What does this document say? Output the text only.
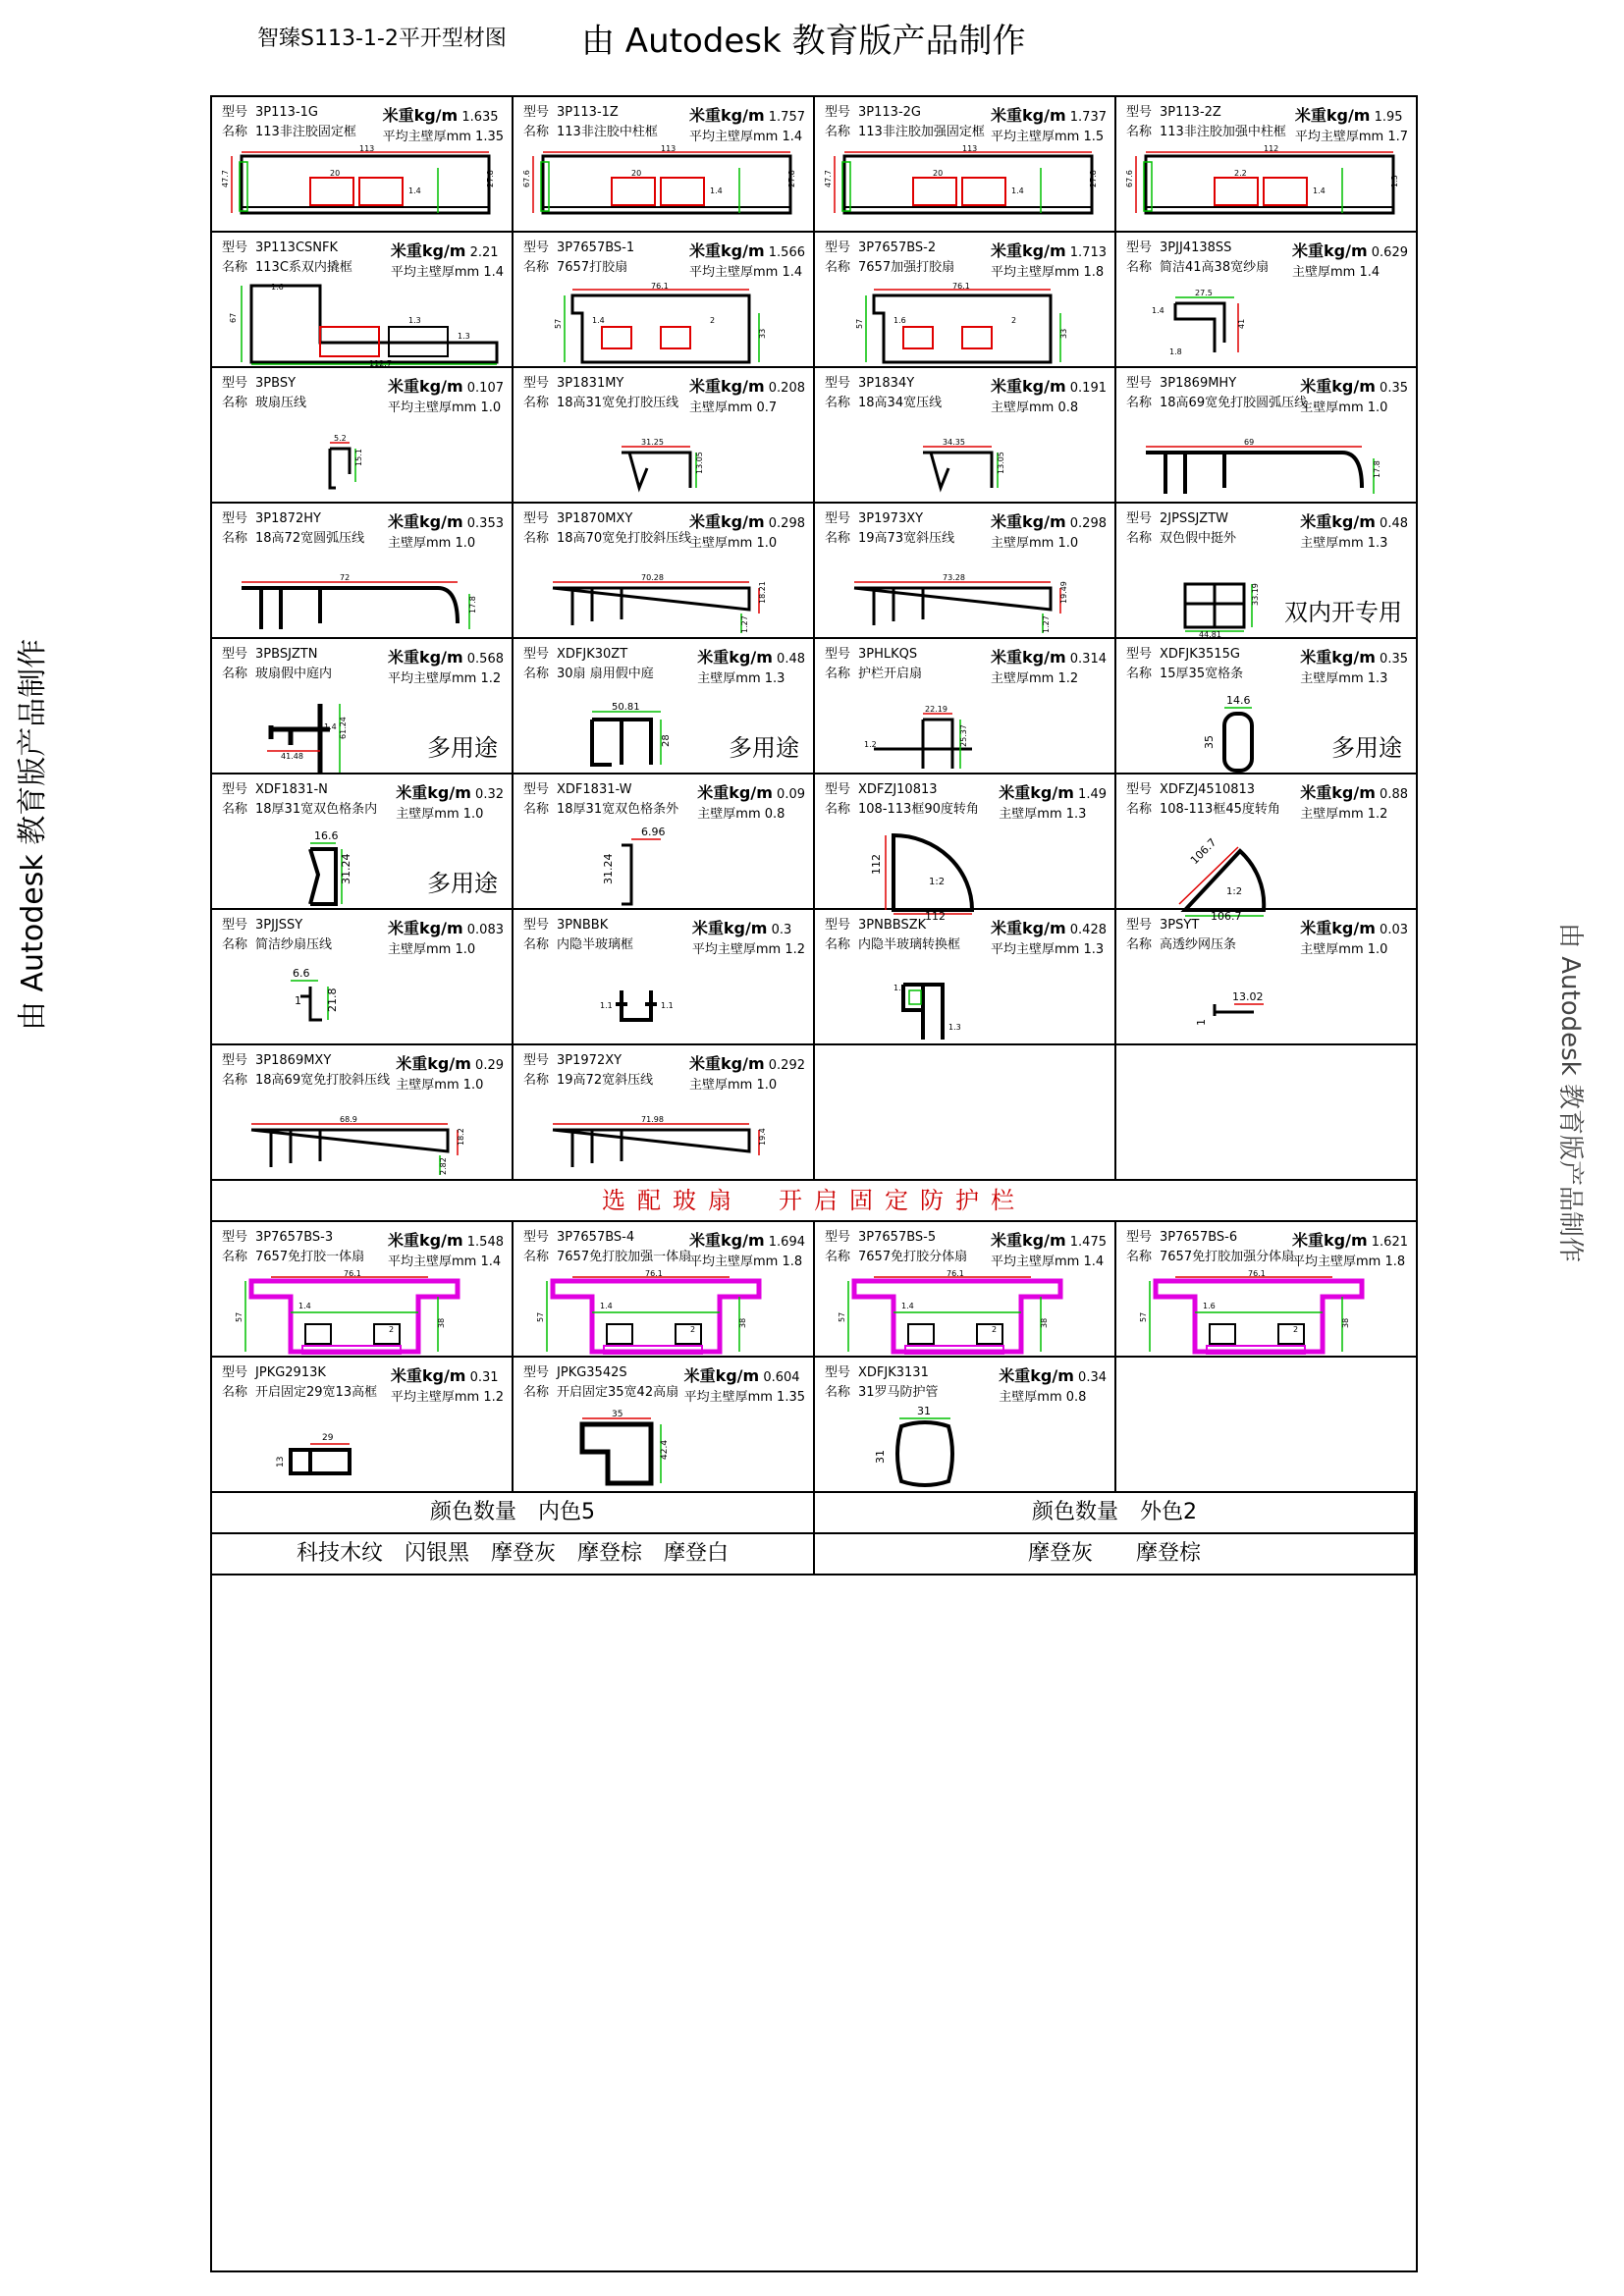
智臻S113-1-2平开型材图 由 Autodesk 教育版产品制作
由 Autodesk 教育版产品制作
由 Autodesk 教育版产品制作
型号 3P113-1G
名称 113非注胶固定框
米重kg/m 1.635
平均主壁厚mm 1.35
113
47.7	20
1.4
27.8
型号 3P113-1Z
名称 113非注胶中柱框
米重kg/m 1.757
平均主壁厚mm 1.4
113
67.6	20
1.4
27.8
型号 3P113-2G
名称 113非注胶加强固定框
米重kg/m 1.737
平均主壁厚mm 1.5
113
47.7	20
1.4
27.8
型号 3P113-2Z
名称 113非注胶加强中柱框
米重kg/m 1.95
平均主壁厚mm 1.7
112
67.6	2.2
1.4
1.3
型号 3P113CSNFK
名称 113C系双内撬框
米重kg/m 2.21
平均主壁厚mm 1.4
67
112.7
1.6
1.3
1.3
型号 3P7657BS-1
名称 7657打胶扇
米重kg/m 1.566
平均主壁厚mm 1.4
76.1
57
33
1.4	2
型号 3P7657BS-2
名称 7657加强打胶扇
米重kg/m 1.713
平均主壁厚mm 1.8
76.1
57
33
1.6	2
型号 3PJJ4138SS
名称 简洁41高38宽纱扇
米重kg/m 0.629
主壁厚mm 1.4
27.5
41
1.4
1.8
型号 3PBSY
名称 玻扇压线
米重kg/m 0.107
平均主壁厚mm 1.0
5.2
15.1
型号 3P1831MY
名称 18高31宽免打胶压线
米重kg/m 0.208
主壁厚mm 0.7
31.25
13.05
型号 3P1834Y
名称 18高34宽压线
米重kg/m 0.191
主壁厚mm 0.8
34.35
13.05
型号 3P1869MHY
名称 18高69宽免打胶圆弧压线
米重kg/m 0.35
主壁厚mm 1.0
69
17.8
型号 3P1872HY
名称 18高72宽圆弧压线
米重kg/m 0.353
主壁厚mm 1.0
72
17.8
型号 3P1870MXY
名称 18高70宽免打胶斜压线
米重kg/m 0.298
主壁厚mm 1.0
70.28
18.21
1.27
型号 3P1973XY
名称 19高73宽斜压线
米重kg/m 0.298
主壁厚mm 1.0
73.28
19.49
1.27
型号 2JPSSJZTW
名称 双色假中挺外
米重kg/m 0.48
主壁厚mm 1.3
44.81
33.19
双内开专用
型号 3PBSJZTN
名称 玻扇假中庭内
米重kg/m 0.568
平均主壁厚mm 1.2
41.48
61.24
1.4
多用途
型号 XDFJK30ZT
名称 30扇 扇用假中庭
米重kg/m 0.48
主壁厚mm 1.3
50.81
28 多用途
型号 3PHLKQS
名称 护栏开启扇
米重kg/m 0.314
主壁厚mm 1.2
22.19
1.2	25.37
型号 XDFJK3515G
名称 15厚35宽格条
米重kg/m 0.35
主壁厚mm 1.3
14.6
35	多用途
型号 XDF1831-N
名称 18厚31宽双色格条内
米重kg/m 0.32
主壁厚mm 1.0
16.6
31.24	多用途
型号 XDF1831-W
名称 18厚31宽双色格条外
米重kg/m 0.09
主壁厚mm 0.8
6.96
31.24
型号 XDFZJ10813
名称 108-113框90度转角
米重kg/m 1.49
主壁厚mm 1.3
112
112
1:2
型号 XDFZJ4510813
名称 108-113框45度转角
米重kg/m 0.88
主壁厚mm 1.2
106.7
106.7
1:2
型号 3PJJSSY
名称 简洁纱扇压线
米重kg/m 0.083
主壁厚mm 1.0
6.6
21.8
1
型号 3PNBBK
名称 内隐半玻璃框
米重kg/m 0.3
平均主壁厚mm 1.2
1.1	1.1
型号 3PNBBSZK
名称 内隐半玻璃转换框
米重kg/m 0.428
平均主壁厚mm 1.3
1.3
1.3
型号 3PSYT
名称 高透纱网压条
米重kg/m 0.03
主壁厚mm 1.0
13.02
1
型号 3P1869MXY
名称 18高69宽免打胶斜压线
米重kg/m 0.29
主壁厚mm 1.0
68.9
18.2
2.82
型号 3P1972XY
名称 19高72宽斜压线
米重kg/m 0.292
主壁厚mm 1.0
71.98
19.4
选配玻扇　开启固定防护栏
型号 3P7657BS-3
名称 7657免打胶一体扇
米重kg/m 1.548
平均主壁厚mm 1.4
76.1
57
38
1.4
2
型号 3P7657BS-4
名称 7657免打胶加强一体扇
米重kg/m 1.694
平均主壁厚mm 1.8
76.1
57
38
1.4
2
型号 3P7657BS-5
名称 7657免打胶分体扇
米重kg/m 1.475
平均主壁厚mm 1.4
76.1
57
38
1.4
2
型号 3P7657BS-6
名称 7657免打胶加强分体扇
米重kg/m 1.621
平均主壁厚mm 1.8
76.1
57
38
1.6
2
型号 JPKG2913K
名称 开启固定29宽13高框
米重kg/m 0.31
平均主壁厚mm 1.2
29
13
型号 JPKG3542S
名称 开启固定35宽42高扇
米重kg/m 0.604
平均主壁厚mm 1.35
35
42.4
型号 XDFJK3131
名称 31罗马防护管
米重kg/m 0.34
主壁厚mm 0.8
31
31
颜色数量　内色5	颜色数量　外色2
科技木纹　闪银黑　摩登灰　摩登棕　摩登白	摩登灰　　摩登棕
